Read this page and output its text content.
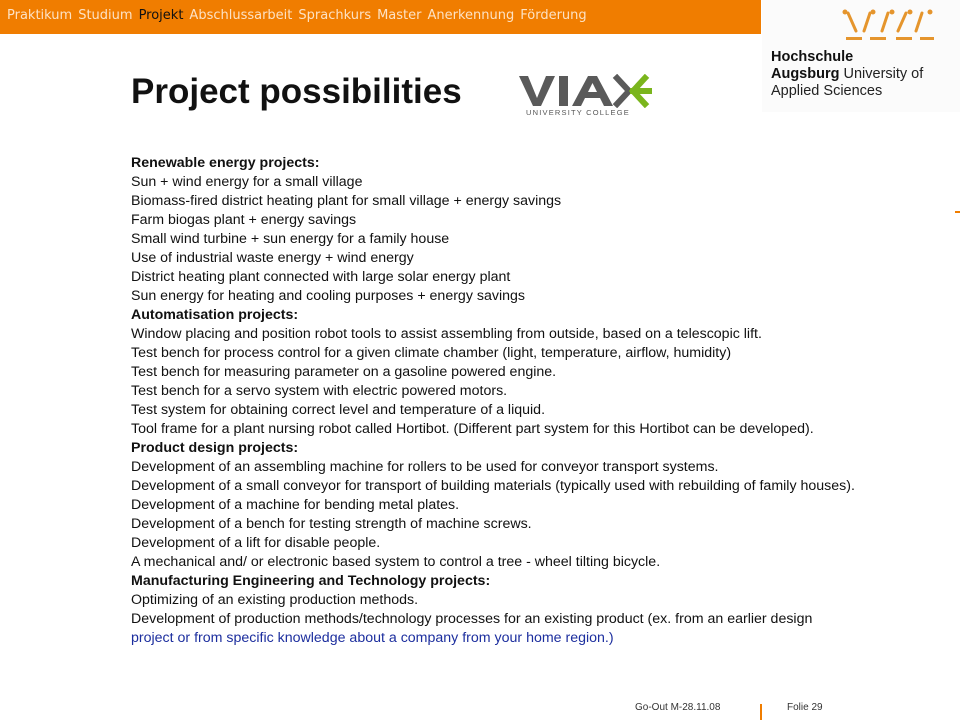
Praktikum Studium Projekt Abschlussarbeit Sprachkurs Master Anerkennung Förderung
Project possibilities
UNIVERSITY COLLEGE
Hochschule
Augsburg University of
Applied Sciences
Renewable energy projects:
Sun + wind energy for a small village
Biomass-fired district heating plant for small village + energy savings
Farm biogas plant + energy savings
Small wind turbine + sun energy for a family house
Use of industrial waste energy + wind energy
District heating plant connected with large solar energy plant
Sun energy for heating and cooling purposes + energy savings
Automatisation projects:
Window placing and position robot tools to assist assembling from outside, based on a telescopic lift.
Test bench for process control for a given climate chamber (light, temperature, airflow, humidity)
Test bench for measuring parameter on a gasoline powered engine.
Test bench for a servo system with electric powered motors.
Test system for obtaining correct level and temperature of a liquid.
Tool frame for a plant nursing robot called Hortibot. (Different part system for this Hortibot can be developed).
Product design projects:
Development of an assembling machine for rollers to be used for conveyor transport systems.
Development of a small conveyor for transport of building materials (typically used with rebuilding of family houses).
Development of a machine for bending metal plates.
Development of a bench for testing strength of machine screws.
Development of a lift for disable people.
A mechanical and/ or electronic based system to control a tree - wheel tilting bicycle.
Manufacturing Engineering and Technology projects:
Optimizing of an existing production methods.
Development of production methods/technology processes for an existing product (ex. from an earlier design
project or from specific knowledge about a company from your home region.)
Go-Out M-28.11.08	Folie 29
